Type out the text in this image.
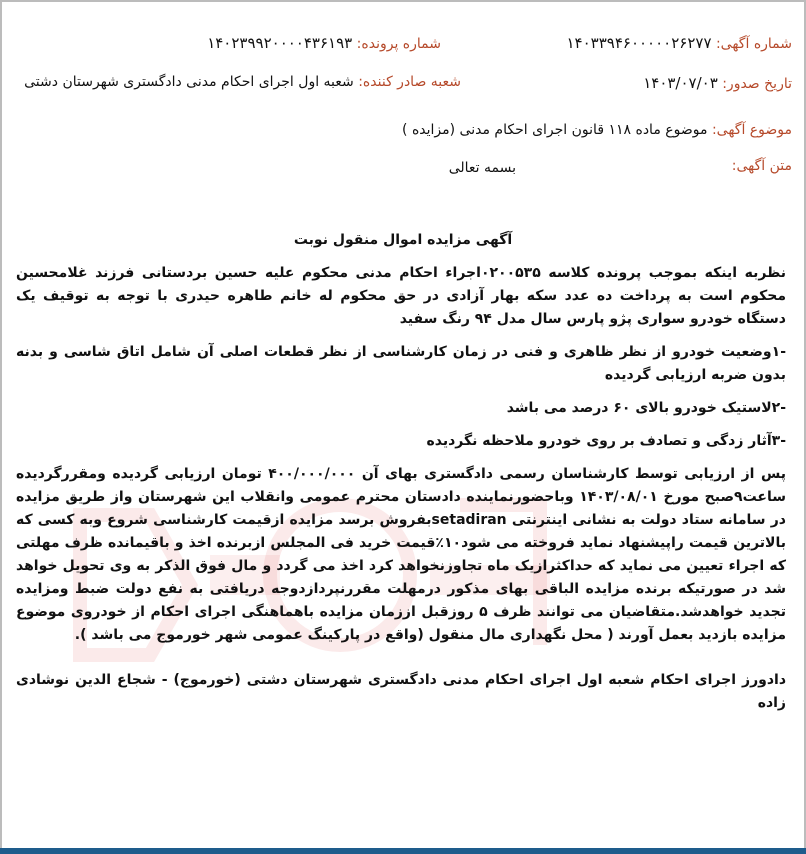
شماره آگهی: ۱۴۰۳۳۹۴۶۰۰۰۰۰۲۶۲۷۷
شماره پرونده: ۱۴۰۲۳۹۹۲۰۰۰۰۴۳۶۱۹۳
تاریخ صدور: ۱۴۰۳/۰۷/۰۳
شعبه صادر کننده: شعبه اول اجرای احکام مدنی دادگستری شهرستان دشتی
موضوع آگهی: موضوع ماده ۱۱۸ قانون اجرای احکام مدنی (مزایده )
متن آگهی:
بسمه تعالی
آگهی مزایده اموال منقول نوبت

نظربه اینکه بموجب پرونده کلاسه ۰۲۰۰۵۳۵اجراء احکام مدنی محکوم علیه حسین بردستانی فرزند غلامحسین محکوم است به پرداخت ده عدد سکه بهار آزادی در حق محکوم له خانم طاهره حیدری با توجه به توقیف یک دستگاه خودرو سواری پژو پارس سال مدل ۹۴ رنگ سفید

-۱وضعیت خودرو از نظر ظاهری و فنی در زمان کارشناسی از نظر قطعات اصلی آن شامل اتاق شاسی و بدنه بدون ضربه ارزیابی گردیده

-۲لاستیک خودرو بالای ۶۰ درصد می باشد

-۳آثار زدگی و تصادف بر روی خودرو ملاحظه نگردیده

پس از ارزیابی توسط کارشناسان رسمی دادگستری بهای آن ۴۰۰/۰۰۰/۰۰۰ تومان ارزیابی گردیده ومقررگردیده ساعت۹صبح مورخ ۱۴۰۳/۰۸/۰۱ وباحضورنماینده دادستان محترم عمومی وانقلاب این شهرستان واز طریق مزایده در سامانه ستاد دولت به نشانی اینترنتی setadiranبفروش برسد مزایده ازقیمت کارشناسی شروع وبه کسی که بالاترین قیمت راپیشنهاد نماید فروخته می شود۱۰٪قیمت خرید فی المجلس ازبرنده اخذ و باقیمانده ظرف مهلتی که اجراء تعیین می نماید که حداکثرازیک ماه تجاوزنخواهد کرد اخذ می گردد و مال فوق الذکر به وی تحویل خواهد شد در صورتیکه برنده مزایده الباقی بهای مذکور درمهلت مقررنپردازدوجه دریافتی به نفع دولت ضبط ومزایده تجدید خواهدشد.متقاضیان می توانند ظرف ۵ روزقبل اززمان مزایده باهماهنگی اجرای احکام از خودروی موضوع مزایده بازدید بعمل آورند ( محل نگهداری مال منقول (واقع در پارکینگ عمومی شهر خورموج می باشد ).

دادورز اجرای احکام شعبه اول اجرای احکام مدنی دادگستری شهرستان دشتی (خورموج) - شجاع الدین نوشادی زاده
